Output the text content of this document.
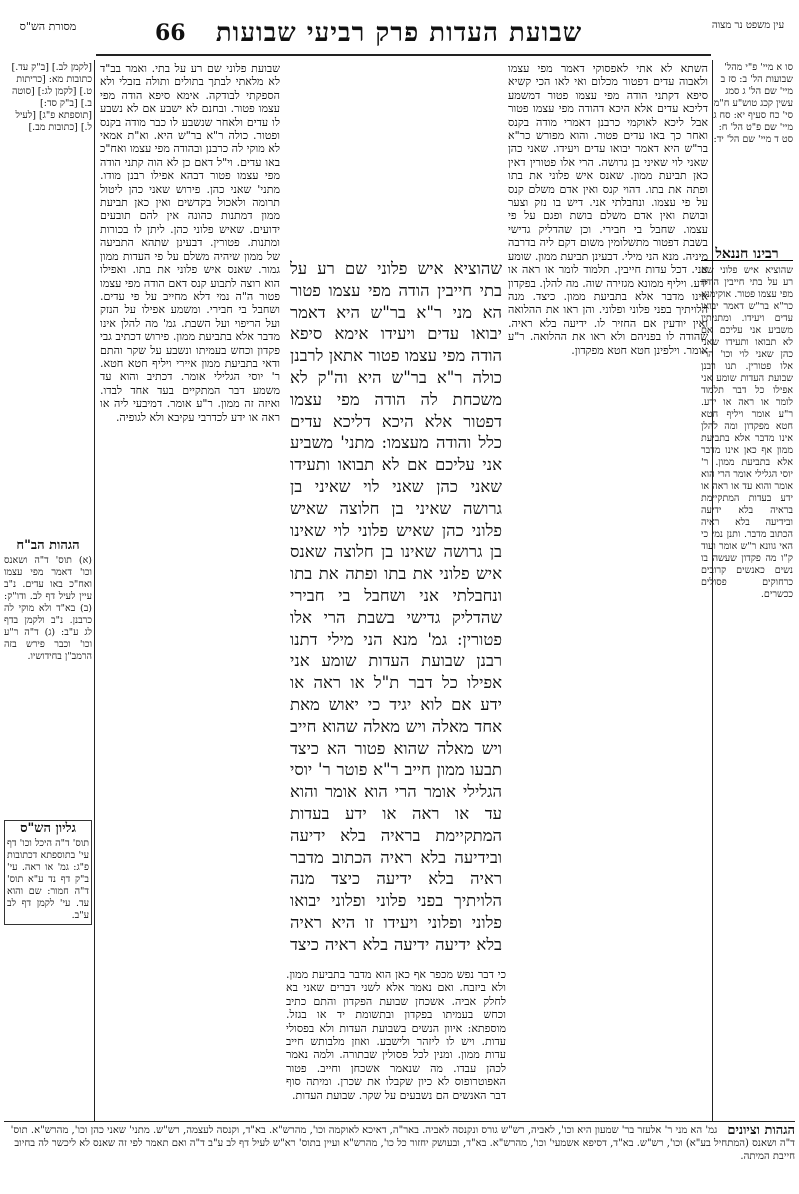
עין משפט נר מצוה
שבועת העדות פרק רביעי שבועות
66
מסורת הש"ס
סו א מיי' פ"י מהל' שבועות הל' ב: סז ב מיי' שם הל' ג סמג עשין קכג טוש"ע ח"מ סי' כח סעיף יא: סח ג מיי' שם פ"ט הל' ח: סט ד מיי' שם הל' יד:
רבינו חננאל
שהוציא איש פלוני שם רע על בתי חייבין הודה מפי עצמו פטור. אוקימנא כר"א בר"ש דאמר יבואו עדים ויעידו. ומתניתין משביע אני עליכם אם לא תבואו ותעידו שאני כהן שאני לוי וכו' הרי אלו פטורין. תנו רבנן שבועת העדות שומע אני אפילו כל דבר תלמוד לומר או ראה או ידע. ר"ע אומר ויליף חטא חטא מפקדון ומה להלן אינו מדבר אלא בתביעת ממון אף כאן אינו מדבר אלא בתביעת ממון. ר' יוסי הגלילי אומר הרי הוא אומר והוא עד או ראה או ידע בעדות המתקיימת בראיה בלא ידיעה ובידיעה בלא ראיה הכתוב מדבר. ותנן נמי כי האי גוונא ר"ש אומר ועוד ק"ו מה פקדון שעשה בו נשים כאנשים קרובים כרחוקים פסולים ככשרים.
[לקמן לב.] [ב"ק עד.] כתובות מא: [כריתות ט.] [לקמן לג:] [סוטה ב.] [ב"ק סד:] [תוספתא פ"ג] [לעיל ל.] [כתובות מב.]
הגהות הב"ח
(א) תוס' ד"ה ושאנס וכו' דאמר מפי עצמו ואח"כ באו עדים. נ"ב עיין לעיל דף לב. ודו"ק: (ב) בא"ד ולא מוקי לה כרבנן. נ"ב ולקמן בדף לג ע"ב: (ג) ד"ה ר"ע וכו' וכבר פירש בזה הרמב"ן בחידושיו.
גליון הש"ס
תוס' ד"ה היכל וכו' דף עי' בתוספתא דכתובות פ"ג: גמ' או ראה. עי' ב"ק דף נד ע"א תוס' ד"ה חמור: שם והוא עד. עי' לקמן דף לב ע"ב.
השתא לא אתי לאפסוקי דאמר מפי עצמו ולאבוה עדים דפטור מכלום ואי לאו הכי קשיא סיפא דקתני הודה מפי עצמו פטור דמשמע דליכא עדים אלא היכא דהודה מפי עצמו פטור אבל ליכא לאוקמי כרבנן דאמרי מודה בקנס ואחר כך באו עדים פטור. והוא מפורש כר"א בר"ש היא דאמר יבואו עדים ויעידו. שאני כהן שאני לוי שאיני בן גרושה. הרי אלו פטורין דאין כאן תביעת ממון. שאנס איש פלוני את בתו ופתה את בתו. דהוי קנס ואין אדם משלם קנס על פי עצמו. ונחבלתי אני. דיש בו נזק וצער ובושת ואין אדם משלם בושת ופגם על פי עצמו. שחבל בי חבירי. וכן שהדליק גדישי בשבת דפטור מתשלומין משום דקם ליה בדרבה מיניה. מנא הני מילי. דבעינן תביעת ממון. שומע אני. דכל עדות חייבין. תלמוד לומר או ראה או ידע. ויליף ממונא מגזירה שוה. מה להלן. בפקדון אינו מדבר אלא בתביעת ממון. כיצד. מנה הלויתיך בפני פלוני ופלוני. והן ראו את ההלואה ואין יודעין אם החזיר לו. ידיעה בלא ראיה. שהודה לו בפניהם ולא ראו את ההלואה. ר"ע אומר. וילפינן חטא חטא מפקדון.
שבועת פלוני שם רע על בתי. ואמר בב"ד לא מלאתי לבתך בתולים ותולה בזבלי ולא הספקתי לבודקה. אימא סיפא הודה מפי עצמו פטור. ובחנם לא ישבע אם לא נשבע לו עדים ולאחר שנשבע לו כבר מודה בקנס ופטור. כולה ר"א בר"ש היא. וא"ת אמאי לא מוקי לה כרבנן ובהודה מפי עצמו ואח"כ באו עדים. וי"ל דאם כן לא הוה קתני הודה מפי עצמו פטור דבהא אפילו רבנן מודו. מתני' שאני כהן. פירוש שאני כהן ליטול תרומה ולאכול בקדשים ואין כאן תביעת ממון דמתנות כהונה אין להם תובעים ידועים. שאיש פלוני כהן. ליתן לו בכורות ומתנות. פטורין. דבעינן שתהא התביעה של ממון שיהיה משלם על פי העדות ממון גמור. שאנס איש פלוני את בתו. ואפילו הוא רוצה לתבוע קנס דאם הודה מפי עצמו פטור ה"ה נמי דלא מחייב על פי עדים. ושחבל בי חבירי. ומשמע אפילו על הנזק ועל הריפוי ועל השבת. גמ' מה להלן אינו מדבר אלא בתביעת ממון. פירוש דכתיב גבי פקדון וכחש בעמיתו ונשבע על שקר והתם ודאי בתביעת ממון איירי ויליף חטא חטא. ר' יוסי הגלילי אומר. דכתיב והוא עד משמע דבר המתקיים בעד אחד לבדו. ואיזה זה ממון. ר"ע אומר. דמיבעי ליה או ראה או ידע לכדרבי עקיבא ולא לגופיה.
שהוציא איש פלוני שם רע על בתי חייבין הודה מפי עצמו פטור הא מני ר"א בר"ש היא דאמר יבואו עדים ויעידו אימא סיפא הודה מפי עצמו פטור אתאן לרבנן כולה ר"א בר"ש היא וה"ק לא משכחת לה הודה מפי עצמו דפטור אלא היכא דליכא עדים כלל והודה מעצמו: מתני' משביע אני עליכם אם לא תבואו ותעידו שאני כהן שאני לוי שאיני בן גרושה שאיני בן חלוצה שאיש פלוני כהן שאיש פלוני לוי שאינו בן גרושה שאינו בן חלוצה שאנס איש פלוני את בתו ופתה את בתו ונחבלתי אני ושחבל בי חבירי שהדליק גדישי בשבת הרי אלו פטורין: גמ' מנא הני מילי דתנו רבנן שבועת העדות שומע אני אפילו כל דבר ת"ל או ראה או ידע אם לוא יגיד כי יאוש מאת אחד מאלה ויש מאלה שהוא חייב ויש מאלה שהוא פטור הא כיצד תבעו ממון חייב ר"א פוטר ר' יוסי הגלילי אומר הרי הוא אומר והוא עד או ראה או ידע בעדות המתקיימת בראיה בלא ידיעה ובידיעה בלא ראיה הכתוב מדבר ראיה בלא ידיעה כיצד מנה הלויתיך בפני פלוני ופלוני יבואו פלוני ופלוני ויעידו זו היא ראיה בלא ידיעה ידיעה בלא ראיה כיצד
כי דבר נפש מכפר אף כאן הוא מדבר בתביעת ממון. ולא ביזבח. ואם נאמר אלא לשני דברים שאני בא לחלק אביה. אשכחן שבועת הפקדון והתם כתיב וכחש בעמיתו בפקדון ובתשומת יד או בגזל. מוספתא: איוון הנשים בשבועת העדות ולא בפסולי עדות. ויש לו ליזהר ולישבע. ואוזן מלבותש חייב עדות ממון. ומנין לכל פסולין שבתורה. ולמה נאמר לכהן עבדו. מה שנאמר אשכחן וחייב. פטור האפוטרופוס לא כיון שקבלו את שכרן. ומיתה סוף דבר האנשים הם נשבעים על שקר. שבועת העדות.
הגהות וציונים
גמ' הא מני ר' אלעזר בר' שמעון היא וכו', לאביה, רש"ש גורס ונקנסה לאביה. באר"ה, דאיכא לאוקמה וכו', מהרש"א. בא"ד, וקנסה לעצמה, רש"ש. מתני' שאני כהן וכו', מהרש"א. תוס' ד"ה ושאנס (המתחיל בע"א) וכו', רש"ש. בא"ד, דסיפא אשמעי' וכו', מהרש"א. בא"ד, ובעושק יחזור כל כו', מהרש"א ועיין בתוס' רא"ש לעיל דף לב ע"ב ד"ה ואם תאמר לפי זה שאנס לא ליכשר לה בחיוב חייבת המיתה.
